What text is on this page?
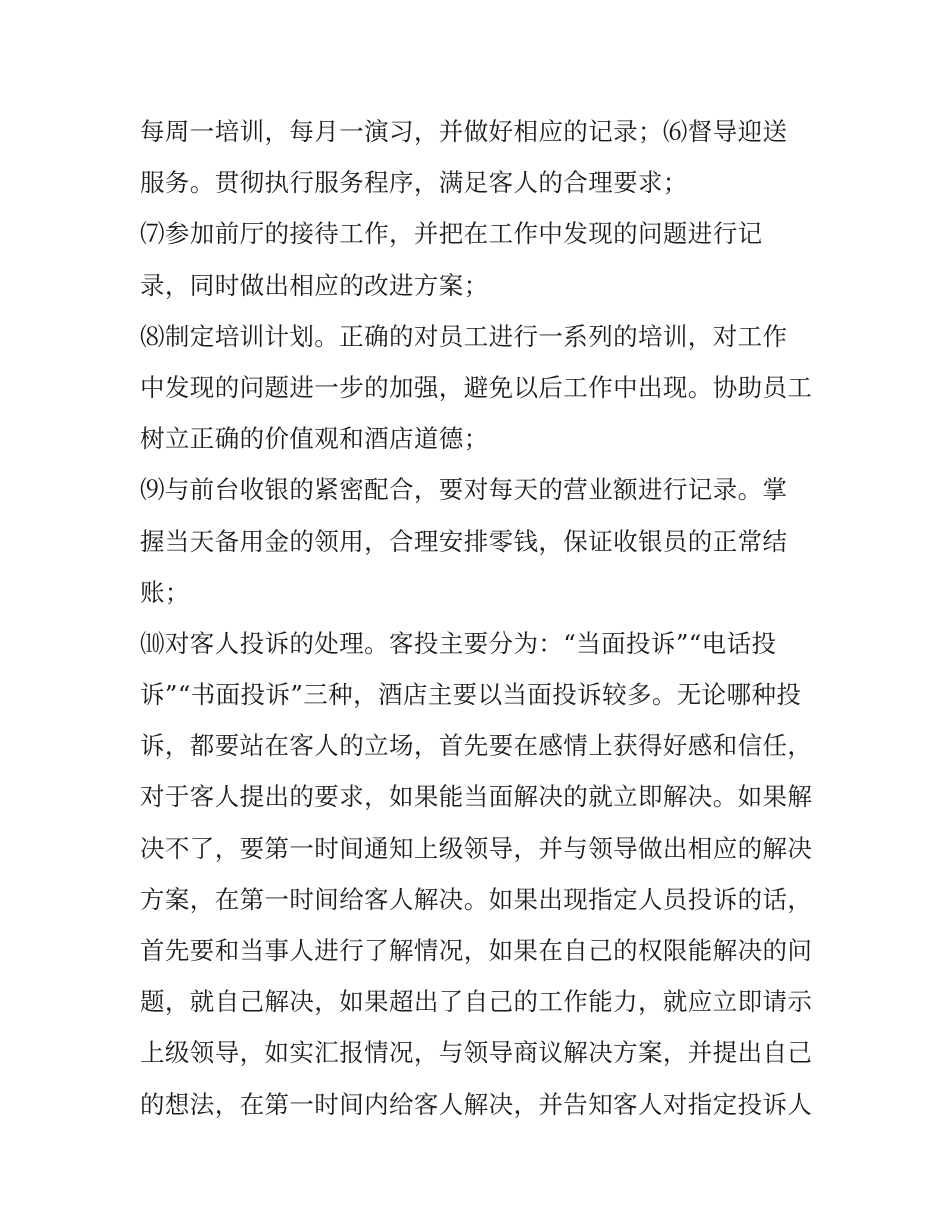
每周一培训，每月一演习，并做好相应的记录；⑹督导迎送
服务。贯彻执行服务程序，满足客人的合理要求；
⑺参加前厅的接待工作，并把在工作中发现的问题进行记
录，同时做出相应的改进方案；
⑻制定培训计划。正确的对员工进行一系列的培训，对工作
中发现的问题进一步的加强，避免以后工作中出现。协助员工
树立正确的价值观和酒店道德；
⑼与前台收银的紧密配合，要对每天的营业额进行记录。掌
握当天备用金的领用，合理安排零钱，保证收银员的正常结
账；
⑽对客人投诉的处理。客投主要分为：“当面投诉”“电话投
诉”“书面投诉”三种，酒店主要以当面投诉较多。无论哪种投
诉，都要站在客人的立场，首先要在感情上获得好感和信任，
对于客人提出的要求，如果能当面解决的就立即解决。如果解
决不了，要第一时间通知上级领导，并与领导做出相应的解决
方案，在第一时间给客人解决。如果出现指定人员投诉的话，
首先要和当事人进行了解情况，如果在自己的权限能解决的问
题，就自己解决，如果超出了自己的工作能力，就应立即请示
上级领导，如实汇报情况，与领导商议解决方案，并提出自己
的想法，在第一时间内给客人解决，并告知客人对指定投诉人
